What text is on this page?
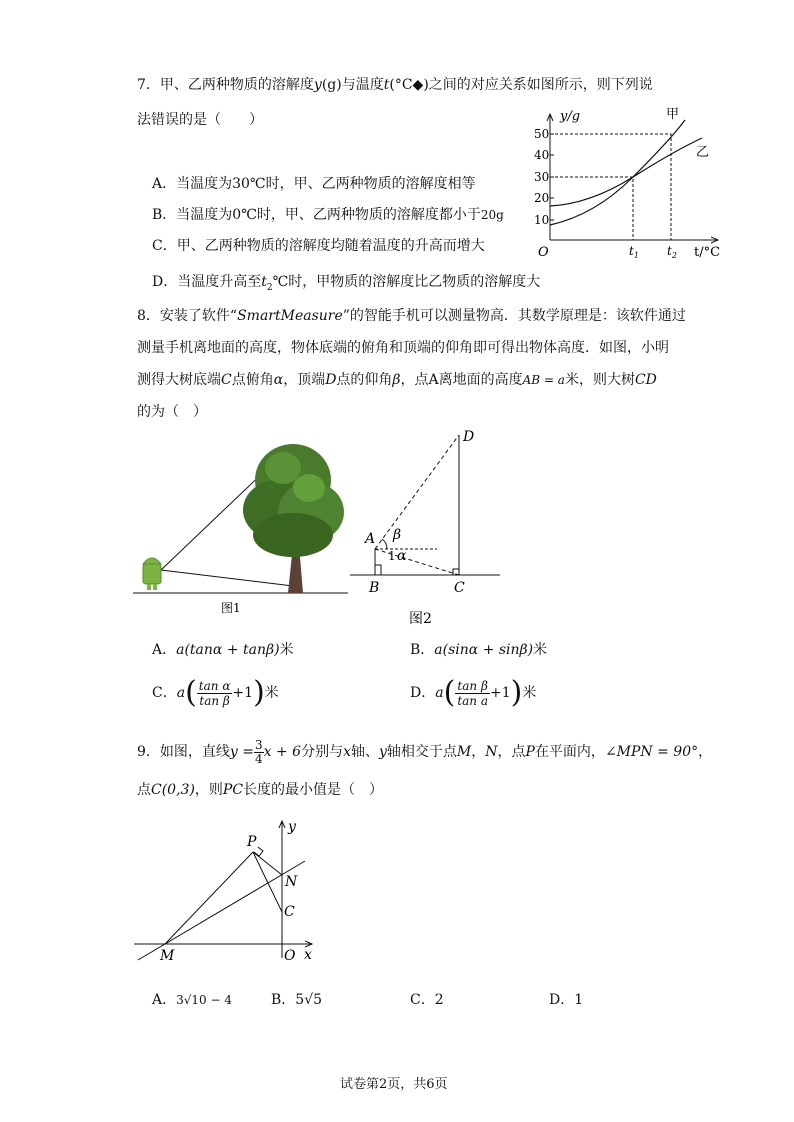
7．甲、乙两种物质的溶解度y(g)与温度t(°C◆)之间的对应关系如图所示，则下列说
法错误的是（　　）
A．当温度为30℃时，甲、乙两种物质的溶解度相等
B．当温度为0℃时，甲、乙两种物质的溶解度都小于20g
C．甲、乙两种物质的溶解度均随着温度的升高而增大
D．当温度升高至$t_2℃$时，甲物质的溶解度比乙物质的溶解度大
50
40
30
20
10
y/g
t/°C
O	$t_1$ $t_2$
甲
乙
8．安装了软件“SmartMeasure”的智能手机可以测量物高．其数学原理是：该软件通过
测量手机离地面的高度，物体底端的俯角和顶端的仰角即可得出物体高度．如图，小明
测得大树底端C点俯角α，顶端D点的仰角β，点A离地面的高度AB = a米，则大树CD
的为（　）
图1
D
A
B	C
β
1 α
图2
A．a(tanα + tanβ)米	B．a(sinα + sinβ)米
C．$a( \frac{\text{tan α}}{\text{tan β}} +1)$米	D．$a( \frac{\text{tan β}}{\text{tan a}} +1)$米
9．如图，直线$y = \frac{3}{4}$ x + 6分别与x轴、y轴相交于点M，N，点P在平面内，∠MPN = 90°，
点C(0,3)，则PC长度的最小值是（　）
P
N
C
M	O x
y
A．3√10 − 4	B．5√5	C．2	D．1
试卷第2页，共6页
